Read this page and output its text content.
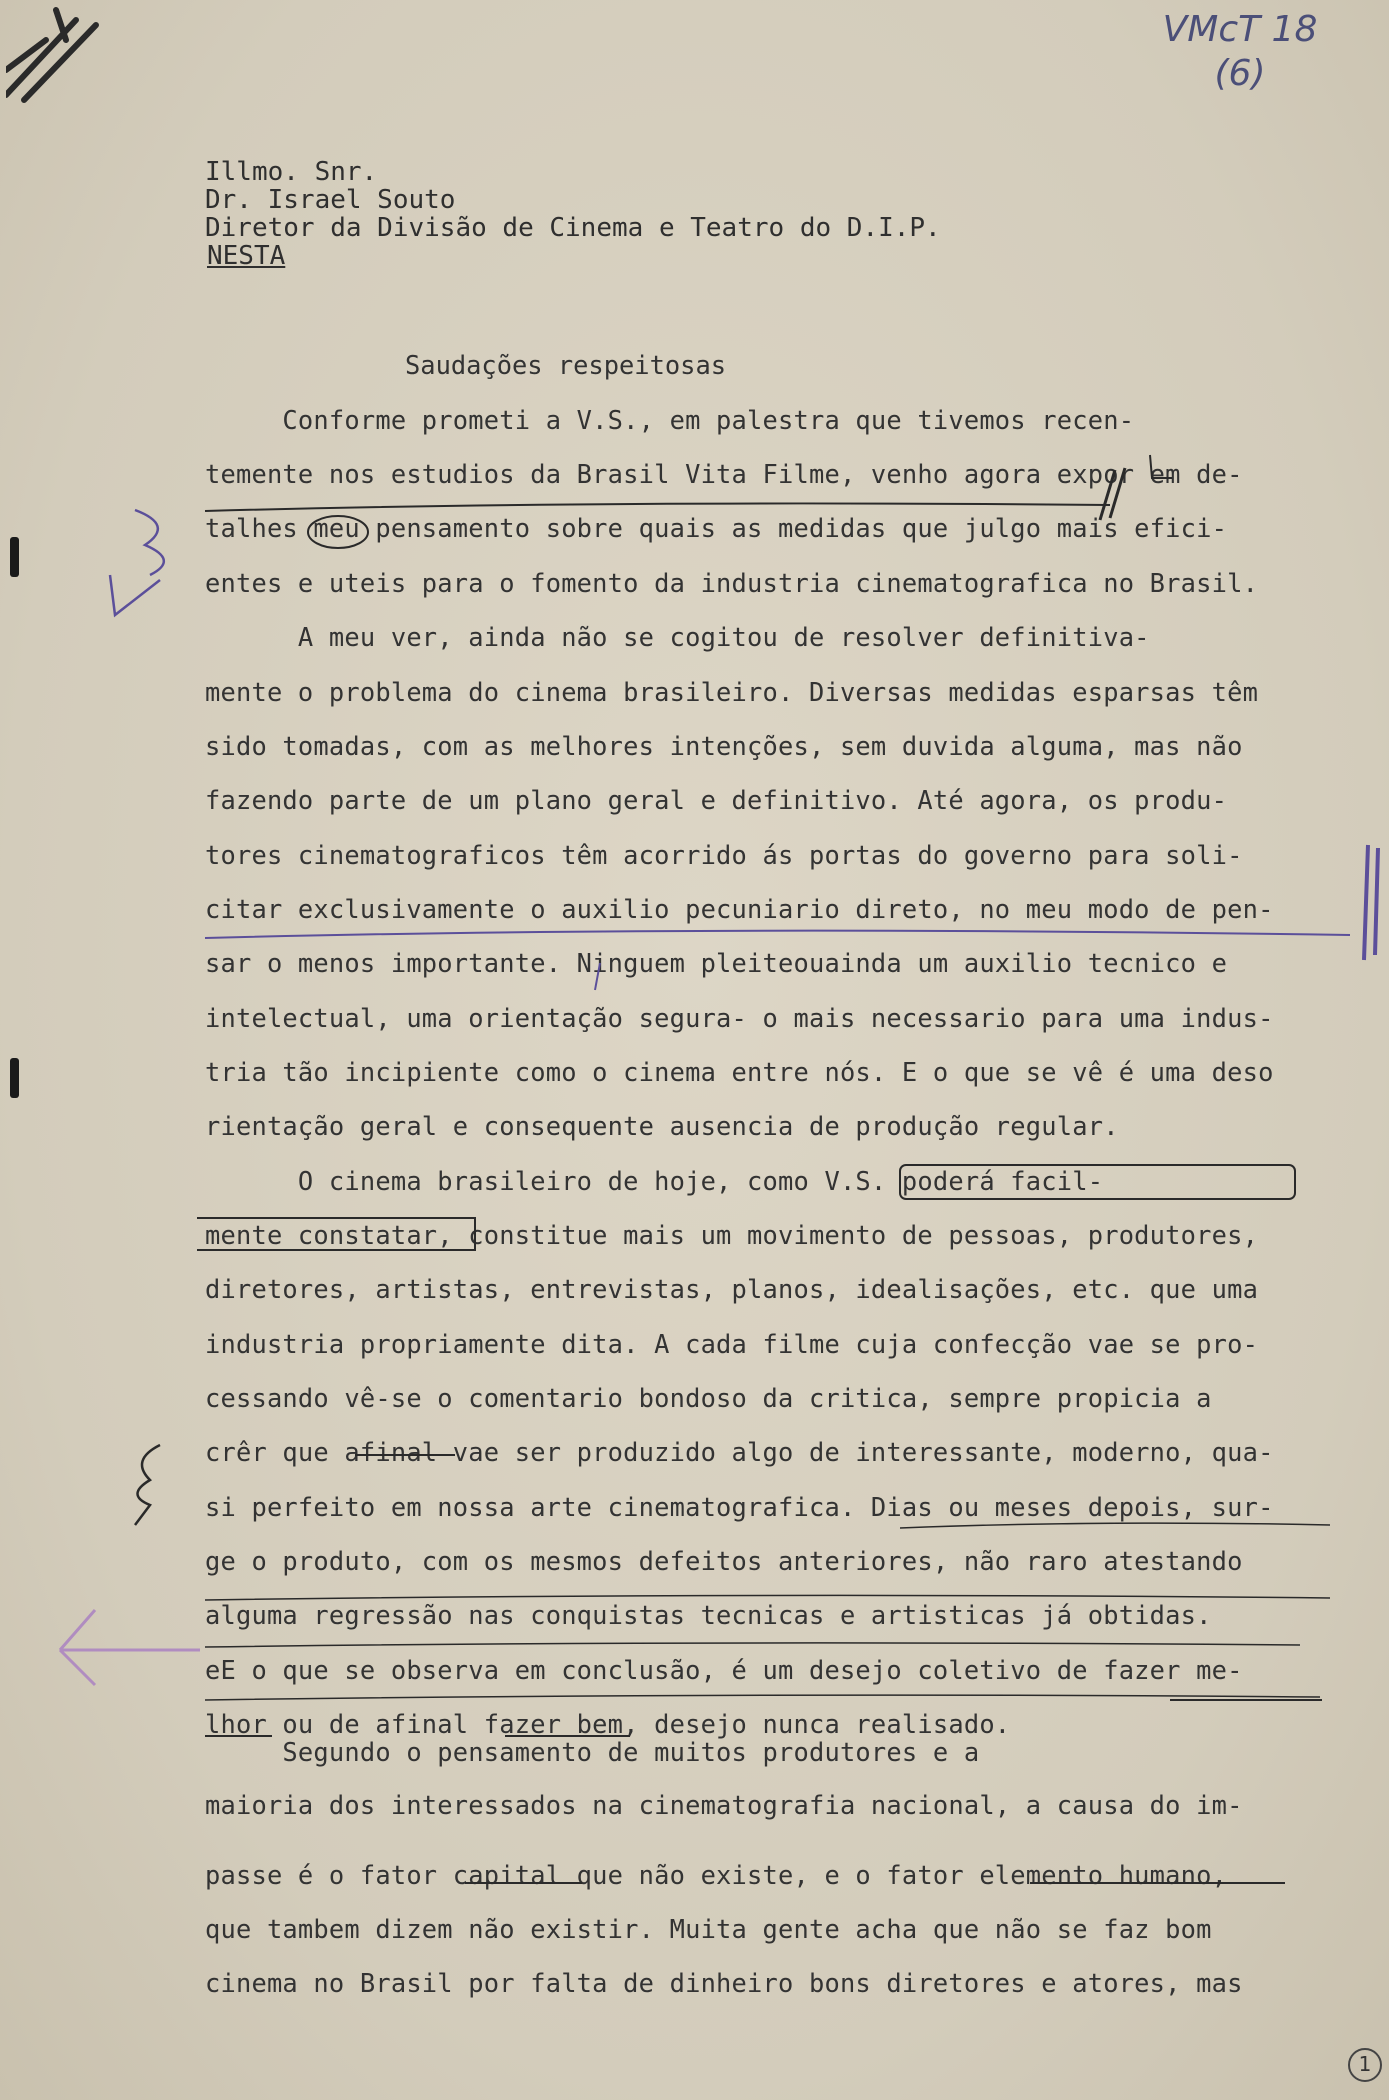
VMcT 18
(6)
Illmo. Snr.
Dr. Israel Souto
Diretor da Divisão de Cinema e Teatro do D.I.P.
NESTA
Saudações respeitosas
Conforme prometi a V.S., em palestra que tivemos recen-
temente nos estudios da Brasil Vita Filme, venho agora expor em de-
talhes meu pensamento sobre quais as medidas que julgo mais efici-
entes e uteis para o fomento da industria cinematografica no Brasil.
A meu ver, ainda não se cogitou de resolver definitiva-
mente o problema do cinema brasileiro. Diversas medidas esparsas têm
sido tomadas, com as melhores intenções, sem duvida alguma, mas não
fazendo parte de um plano geral e definitivo. Até agora, os produ-
tores cinematograficos têm acorrido ás portas do governo para soli-
citar exclusivamente o auxilio pecuniario direto, no meu modo de pen-
sar o menos importante. Ninguem pleiteouainda um auxilio tecnico e
intelectual, uma orientação segura- o mais necessario para uma indus-
tria tão incipiente como o cinema entre nós. E o que se vê é uma deso
rientação geral e consequente ausencia de produção regular.
O cinema brasileiro de hoje, como V.S. poderá facil-
mente constatar, constitue mais um movimento de pessoas, produtores,
diretores, artistas, entrevistas, planos, idealisações, etc. que uma
industria propriamente dita. A cada filme cuja confecção vae se pro-
cessando vê-se o comentario bondoso da critica, sempre propicia a
crêr que afinal vae ser produzido algo de interessante, moderno, qua-
si perfeito em nossa arte cinematografica. Dias ou meses depois, sur-
ge o produto, com os mesmos defeitos anteriores, não raro atestando
alguma regressão nas conquistas tecnicas e artisticas já obtidas.
eE o que se observa em conclusão, é um desejo coletivo de fazer me-
lhor ou de afinal fazer bem, desejo nunca realisado.
Segundo o pensamento de muitos produtores e a
maioria dos interessados na cinematografia nacional, a causa do im-
passe é o fator capital que não existe, e o fator elemento humano,
que tambem dizem não existir. Muita gente acha que não se faz bom
cinema no Brasil por falta de dinheiro bons diretores e atores, mas
1
